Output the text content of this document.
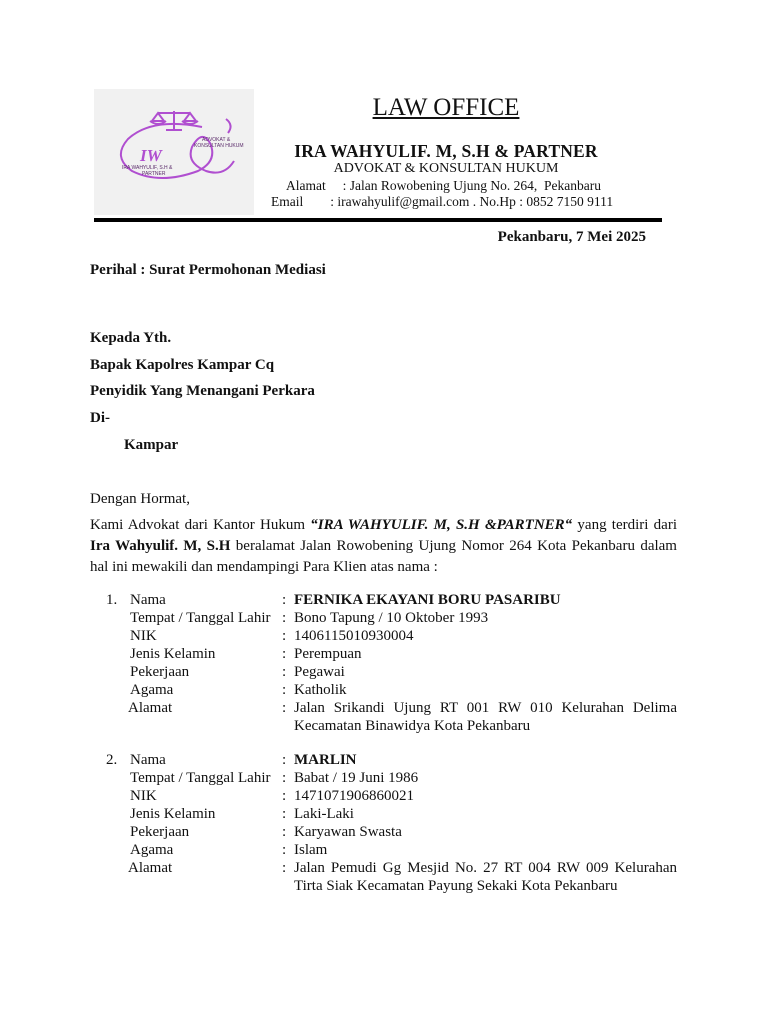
IW
ADVOKAT &
KONSULTAN HUKUM
IRA WAHYULIF, S.H &
PARTNER
LAW OFFICE
IRA WAHYULIF. M, S.H & PARTNER
ADVOKAT & KONSULTAN HUKUM
Alamat     : Jalan Rowobening Ujung No. 264,  Pekanbaru
Email        : irawahyulif@gmail.com . No.Hp : 0852 7150 9111
Pekanbaru, 7 Mei 2025
Perihal : Surat Permohonan Mediasi
Kepada Yth.
Bapak Kapolres Kampar Cq
Penyidik Yang Menangani Perkara
Di-
Kampar
Dengan Hormat,
Kami Advokat dari Kantor Hukum “IRA WAHYULIF. M, S.H &PARTNER“ yang terdiri dari Ira Wahyulif. M, S.H beralamat Jalan Rowobening Ujung Nomor 264 Kota Pekanbaru dalam hal ini mewakili dan mendampingi Para Klien atas nama :
1. Nama	: FERNIKA EKAYANI BORU PASARIBU
Tempat / Tanggal Lahir : Bono Tapung / 10 Oktober 1993
NIK	: 1406115010930004
Jenis Kelamin	: Perempuan
Pekerjaan	: Pegawai
Agama	: Katholik
Alamat	: Jalan Srikandi Ujung RT 001 RW 010 Kelurahan Delima Kecamatan Binawidya Kota Pekanbaru
2. Nama	: MARLIN
Tempat / Tanggal Lahir : Babat / 19 Juni 1986
NIK	: 1471071906860021
Jenis Kelamin	: Laki-Laki
Pekerjaan	: Karyawan Swasta
Agama	: Islam
Alamat	: Jalan Pemudi Gg Mesjid No. 27 RT 004 RW 009 Kelurahan Tirta Siak Kecamatan Payung Sekaki Kota Pekanbaru
